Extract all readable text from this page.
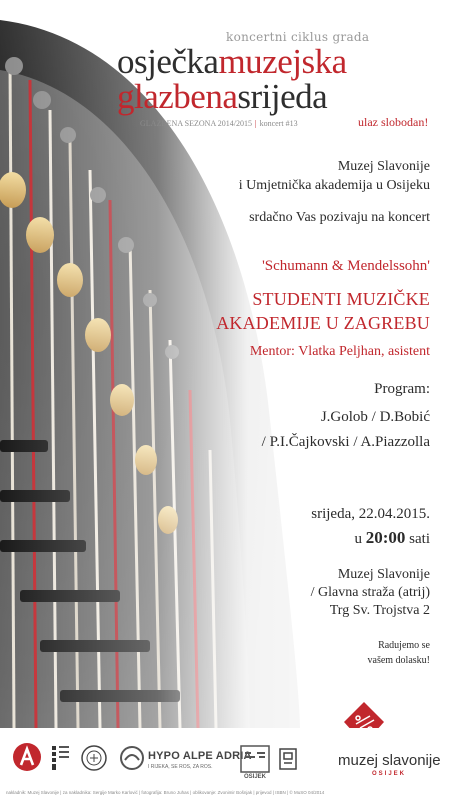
koncertni ciklus grada
osječkamuzejska
glazbenasrijeda
GLAZBENA SEZONA 2014/2015 | koncert #13	ulaz slobodan!
Muzej Slavonije
i Umjetnička akademija u Osijeku
srdačno Vas pozivaju na koncert
'Schumann & Mendelssohn'
STUDENTI MUZIČKE
AKADEMIJE U ZAGREBU
Mentor: Vlatka Peljhan, asistent
Program:
J.Golob / D.Bobić
/ P.I.Čajkovski / A.Piazzolla
srijeda, 22.04.2015.
u 20:00 sati
Muzej Slavonije
/ Glavna straža (atrij)
Trg Sv. Trojstva 2
Radujemo se
vašem dolasku!
HYPO ALPE ADRIA
I RIJEKA, SE ROS, ZA ROS.
OSIJEK
muzej slavonije
OSIJEK
nakladnik: Muzej Slavonije | za nakladnika: Sergije Marko Karlović | fotografija: Bruno Juhas | oblikovanje: Zvonimir Bošnjak | prijevod | ISBN | © MuSO 04/2014
